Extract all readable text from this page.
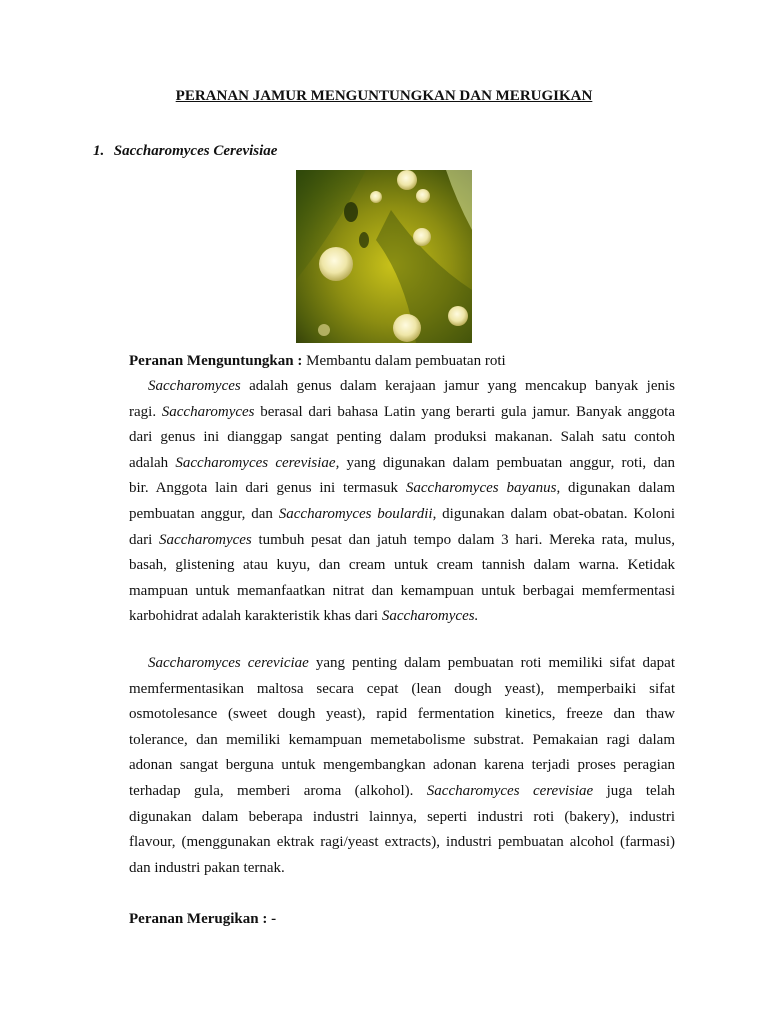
PERANAN JAMUR MENGUNTUNGKAN DAN MERUGIKAN
1. Saccharomyces Cerevisiae

Peranan Menguntungkan : Membantu dalam pembuatan roti

Saccharomyces adalah genus dalam kerajaan jamur yang mencakup banyak jenis
ragi. Saccharomyces berasal dari bahasa Latin yang berarti gula jamur. Banyak anggota
dari genus ini dianggap sangat penting dalam produksi makanan. Salah satu contoh
adalah Saccharomyces cerevisiae, yang digunakan dalam pembuatan anggur, roti, dan
bir. Anggota lain dari genus ini termasuk Saccharomyces bayanus, digunakan dalam
pembuatan anggur, dan Saccharomyces boulardii, digunakan dalam obat-obatan. Koloni
dari Saccharomyces tumbuh pesat dan jatuh tempo dalam 3 hari. Mereka rata, mulus,
basah, glistening atau kuyu, dan cream untuk cream tannish dalam warna. Ketidak
mampuan untuk memanfaatkan nitrat dan kemampuan untuk berbagai memfermentasi
karbohidrat adalah karakteristik khas dari Saccharomyces.
Saccharomyces cereviciae yang penting dalam pembuatan roti memiliki sifat dapat
memfermentasikan maltosa secara cepat (lean dough yeast), memperbaiki sifat
osmotolesance (sweet dough yeast), rapid fermentation kinetics, freeze dan thaw
tolerance, dan memiliki kemampuan memetabolisme substrat. Pemakaian ragi dalam
adonan sangat berguna untuk mengembangkan adonan karena terjadi proses peragian
terhadap gula, memberi aroma (alkohol). Saccharomyces cerevisiae juga telah
digunakan dalam beberapa industri lainnya, seperti industri roti (bakery), industri
flavour, (menggunakan ektrak ragi/yeast extracts), industri pembuatan alcohol (farmasi)
dan industri pakan ternak.

Peranan Merugikan : -
